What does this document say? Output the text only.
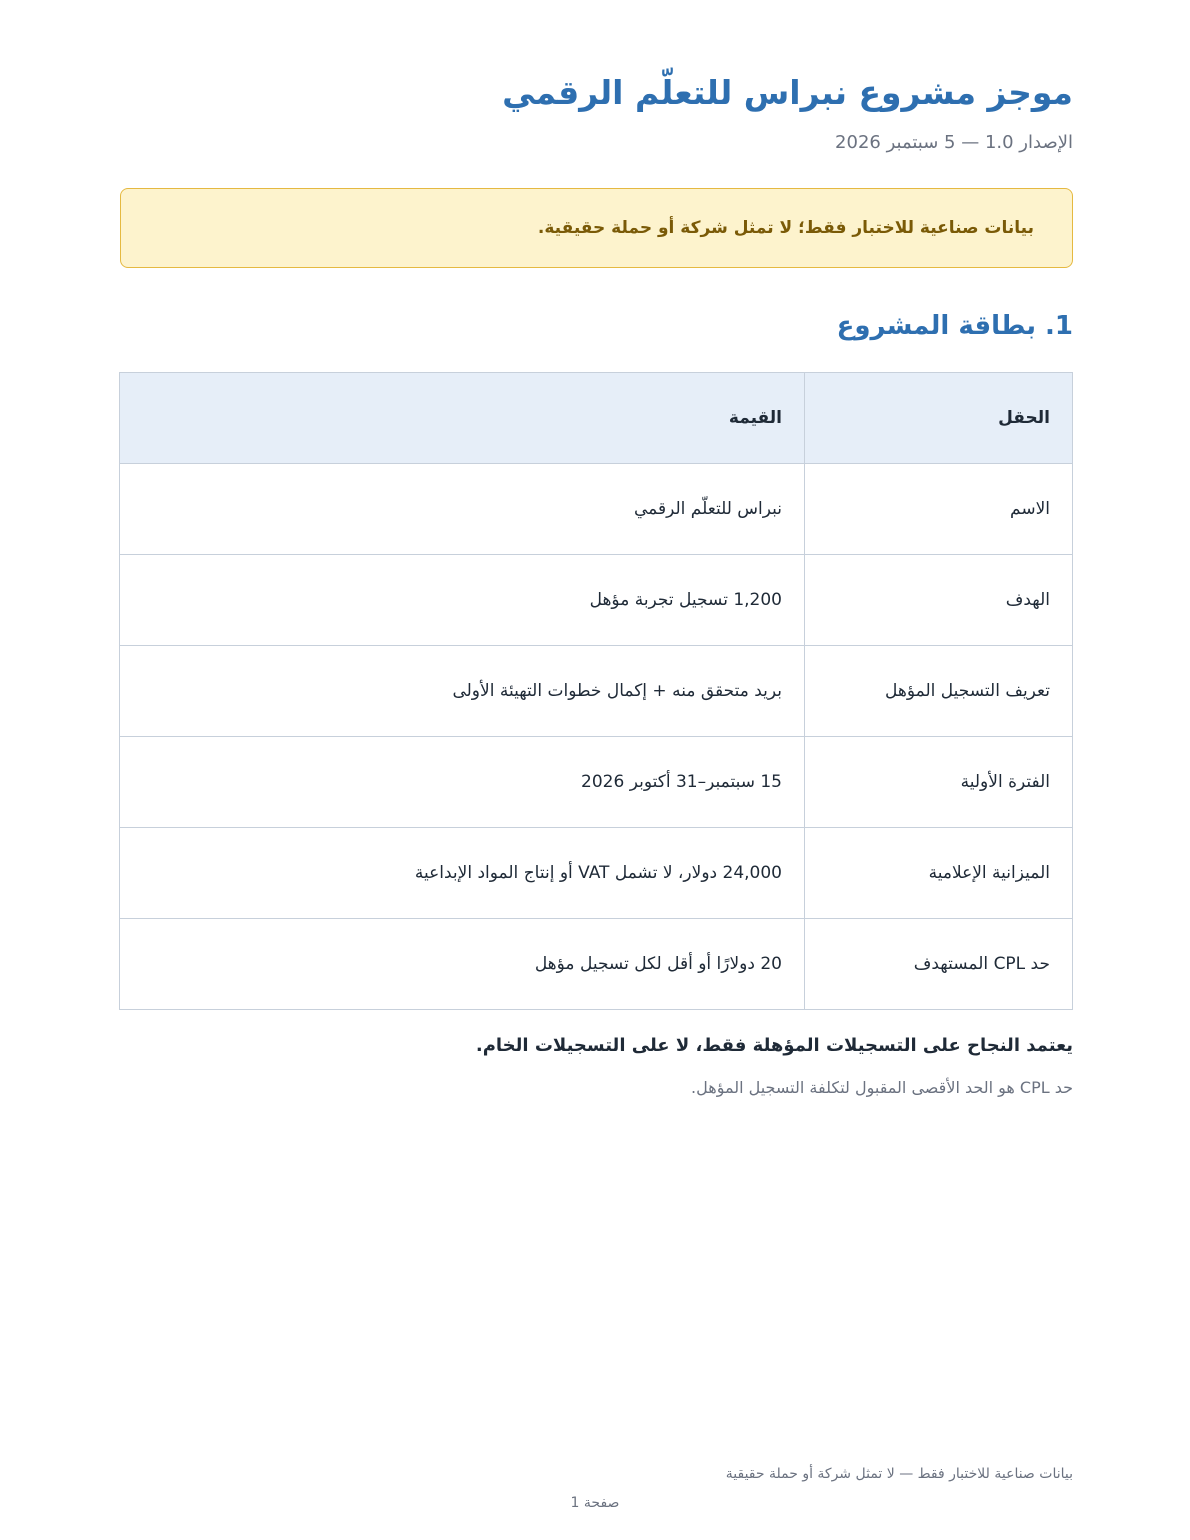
موجز مشروع نبراس للتعلّم الرقمي
الإصدار 1.0 — 5 سبتمبر 2026
بيانات صناعية للاختبار فقط؛ لا تمثل شركة أو حملة حقيقية.
1. بطاقة المشروع
الحقل	القيمة
الاسم	نبراس للتعلّم الرقمي
الهدف	1,200 تسجيل تجربة مؤهل
تعريف التسجيل المؤهل	بريد متحقق منه + إكمال خطوات التهيئة الأولى
الفترة الأولية	15 سبتمبر–31 أكتوبر 2026
الميزانية الإعلامية	24,000 دولار، لا تشمل VAT أو إنتاج المواد الإبداعية
حد CPL المستهدف	20 دولارًا أو أقل لكل تسجيل مؤهل
يعتمد النجاح على التسجيلات المؤهلة فقط، لا على التسجيلات الخام.
حد CPL هو الحد الأقصى المقبول لتكلفة التسجيل المؤهل.
بيانات صناعية للاختبار فقط — لا تمثل شركة أو حملة حقيقية
صفحة 1
